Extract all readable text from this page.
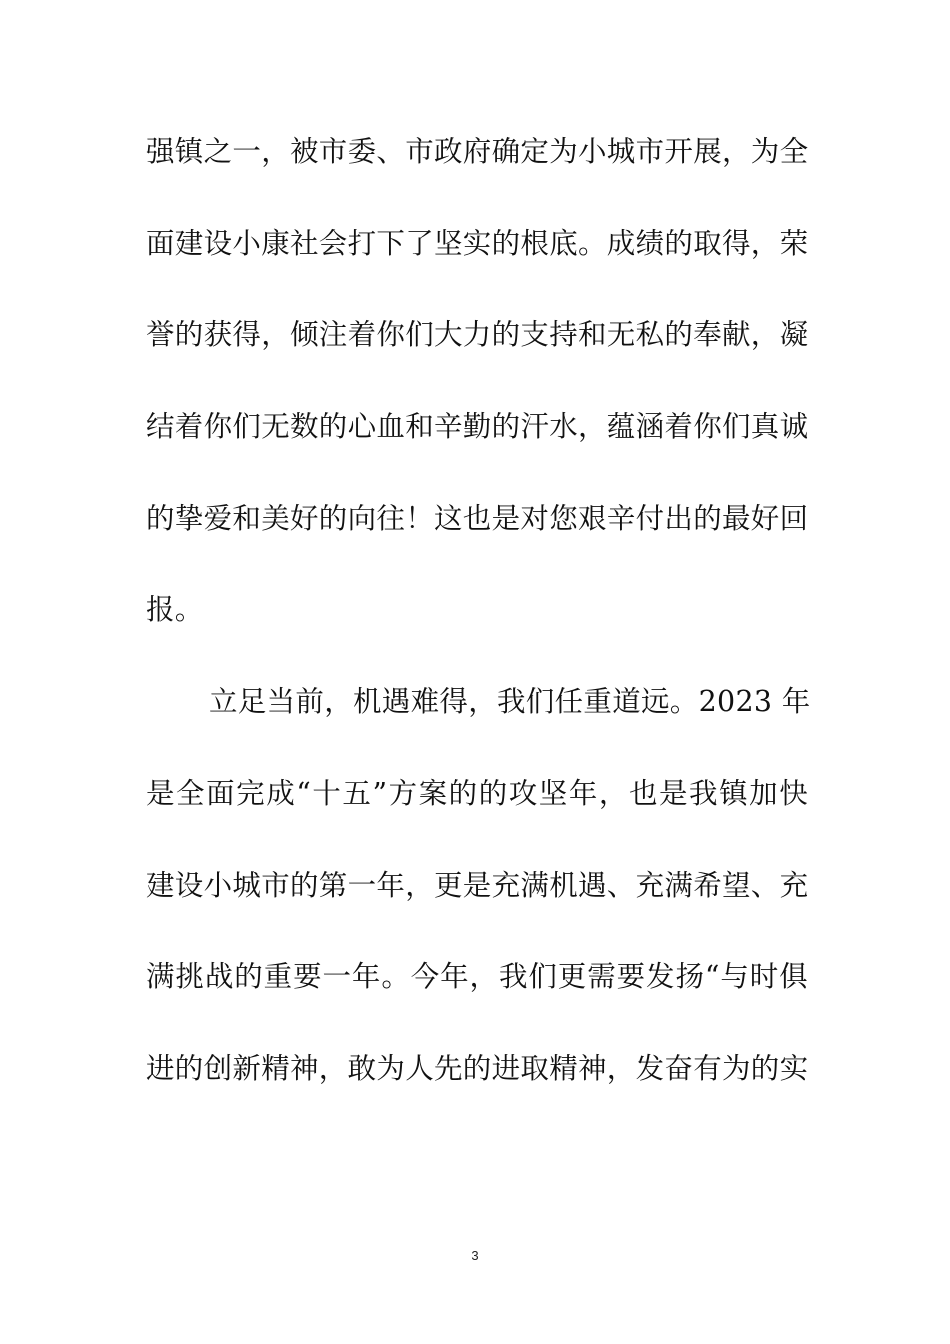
强镇之一，被市委、市政府确定为小城市开展，为全
面建设小康社会打下了坚实的根底。成绩的取得，荣
誉的获得，倾注着你们大力的支持和无私的奉献，凝
结着你们无数的心血和辛勤的汗水，蕴涵着你们真诚
的挚爱和美好的向往！这也是对您艰辛付出的最好回
报。
立足当前，机遇难得，我们任重道远。2023 年
是全面完成“十五”方案的的攻坚年，也是我镇加快
建设小城市的第一年，更是充满机遇、充满希望、充
满挑战的重要一年。今年，我们更需要发扬“与时俱
进的创新精神，敢为人先的进取精神，发奋有为的实
3
